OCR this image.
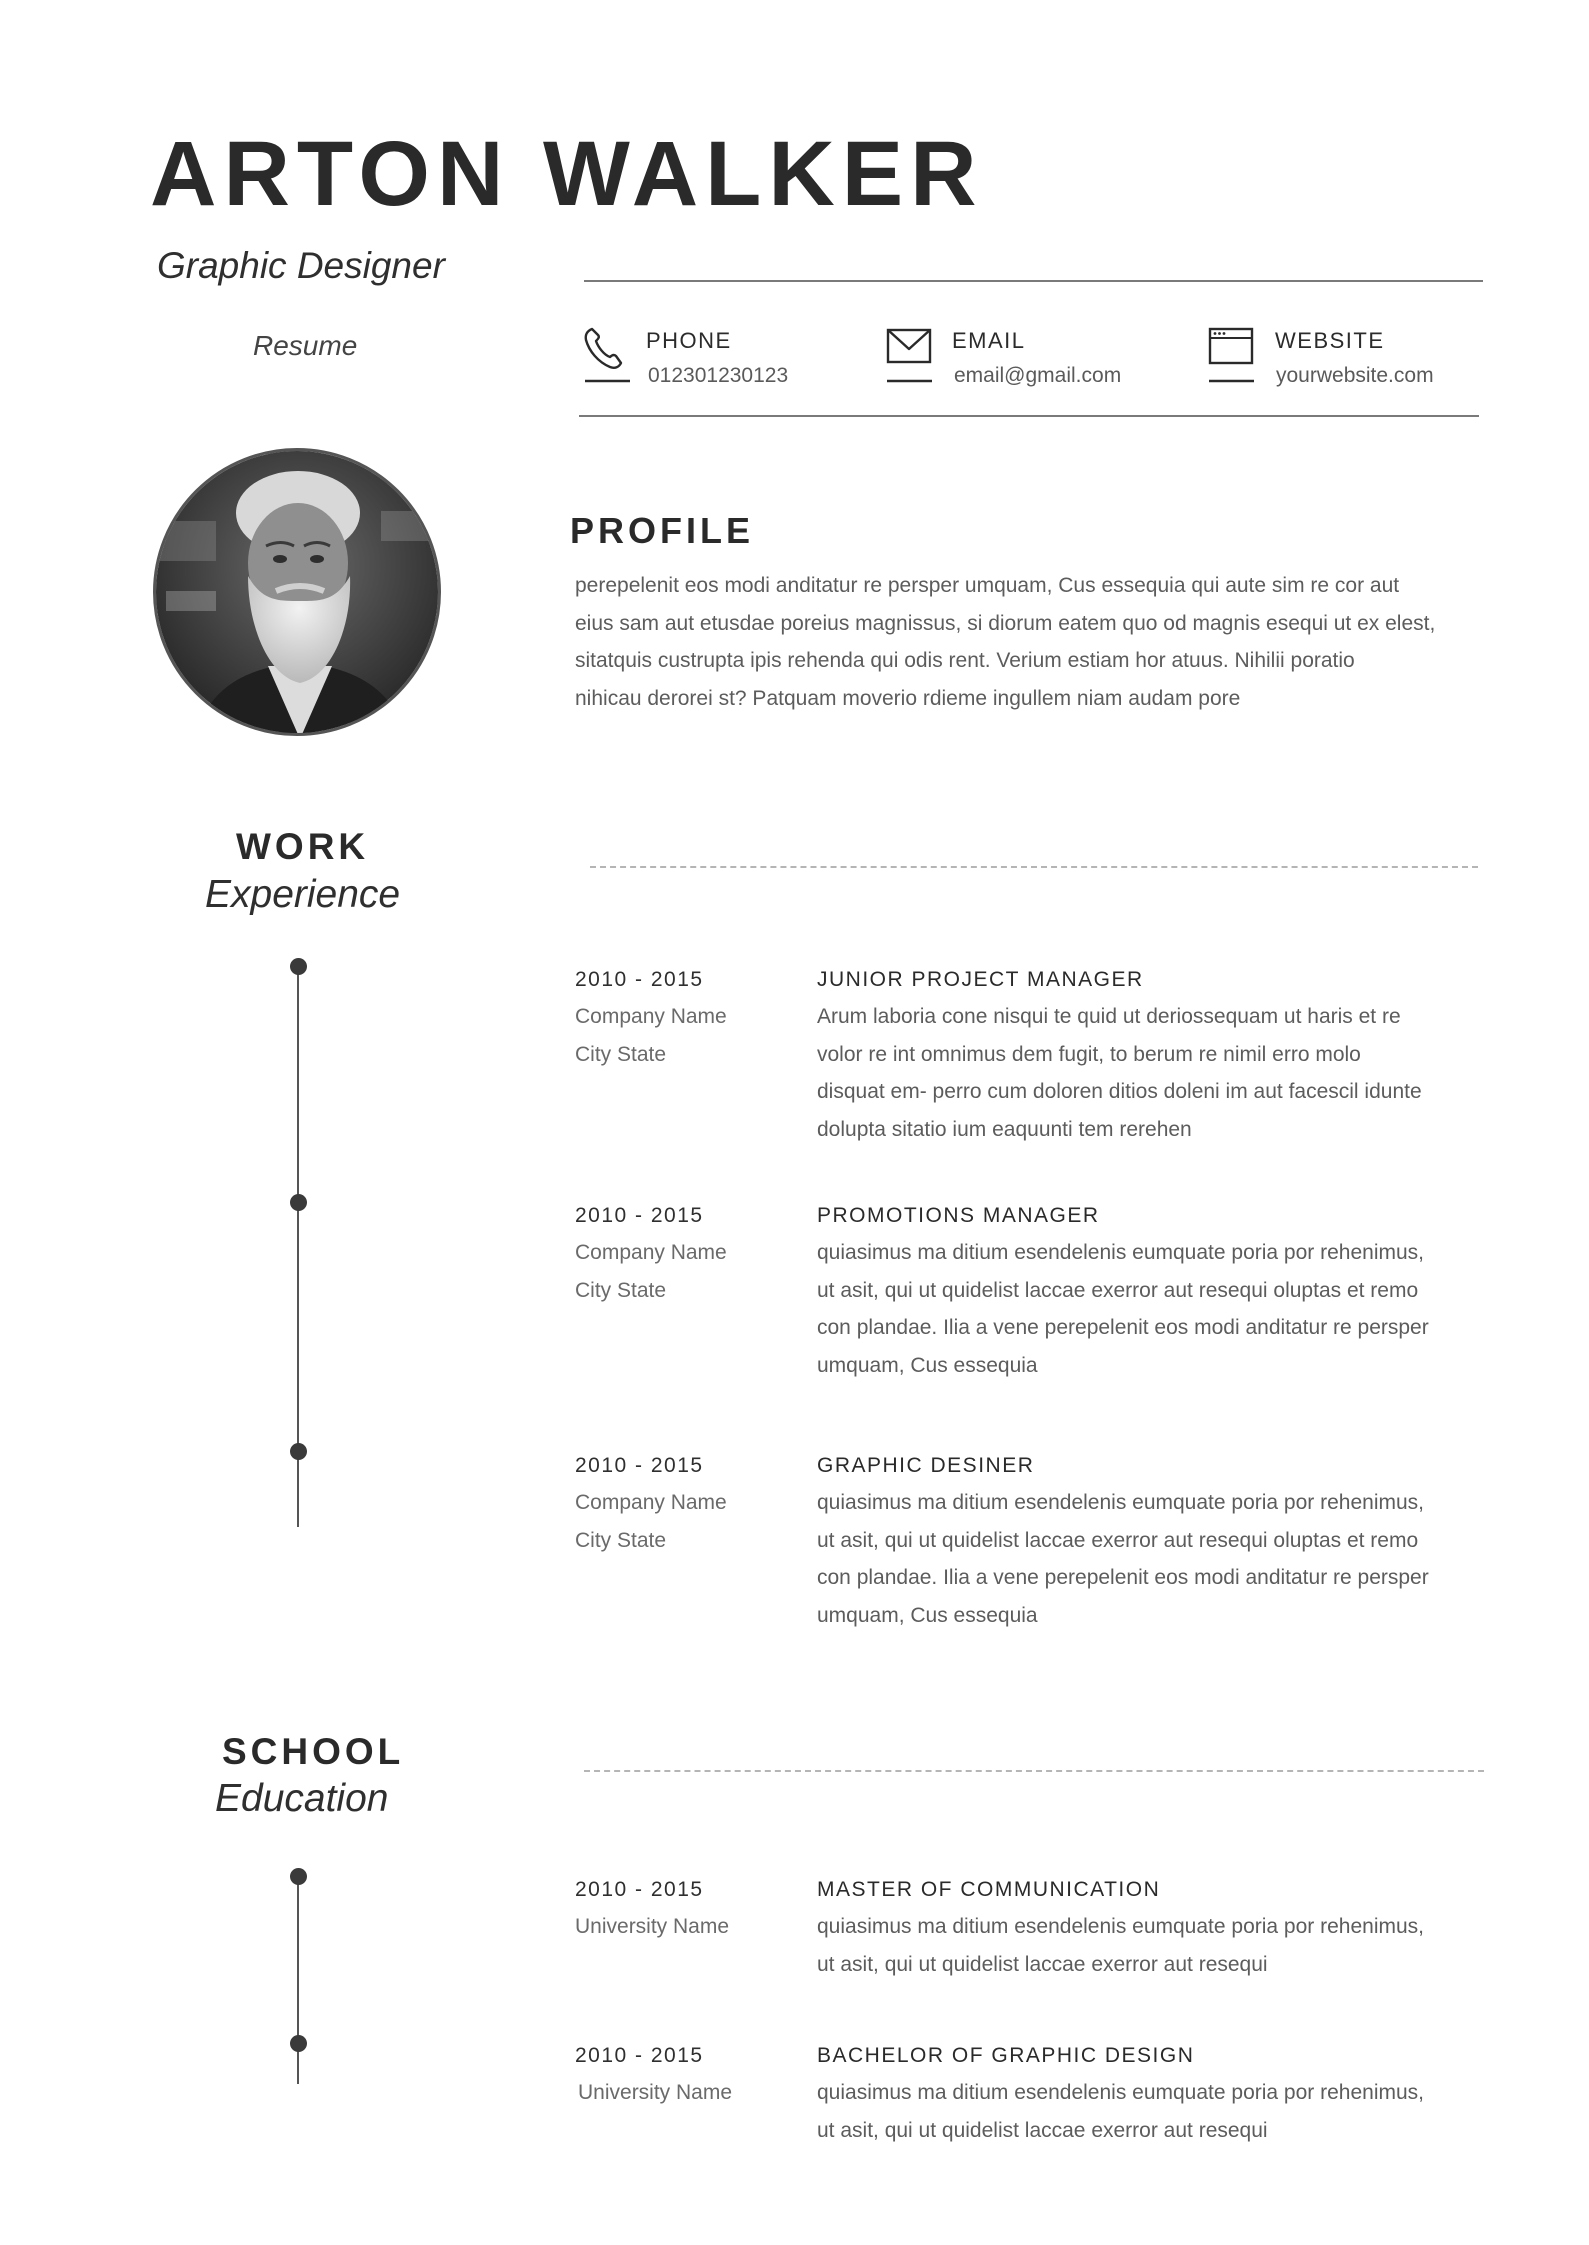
ARTON WALKER
Graphic Designer
Resume	PHONE
012301230123
EMAIL
email@gmail.com
WEBSITE
yourwebsite.com
PROFILE
perepelenit eos modi anditatur re persper umquam, Cus essequia qui aute sim re cor aut
eius sam aut etusdae poreius magnissus, si diorum eatem quo od magnis esequi ut ex elest,
sitatquis custrupta ipis rehenda qui odis rent. Verium estiam hor atuus. Nihilii poratio
nihicau derorei st? Patquam moverio rdieme ingullem niam audam pore
WORK
Experience
2010 - 2015
Company Name
City State
JUNIOR PROJECT MANAGER
Arum laboria cone nisqui te quid ut deriossequam ut haris et re
volor re int omnimus dem fugit, to berum re nimil erro molo
disquat em- perro cum doloren ditios doleni im aut facescil idunte
dolupta sitatio ium eaquunti tem rerehen
2010 - 2015
Company Name
City State
PROMOTIONS MANAGER
quiasimus ma ditium esendelenis eumquate poria por rehenimus,
ut asit, qui ut quidelist laccae exerror aut resequi oluptas et remo
con plandae. Ilia a vene perepelenit eos modi anditatur re persper
umquam, Cus essequia
2010 - 2015
Company Name
City State
GRAPHIC DESINER
quiasimus ma ditium esendelenis eumquate poria por rehenimus,
ut asit, qui ut quidelist laccae exerror aut resequi oluptas et remo
con plandae. Ilia a vene perepelenit eos modi anditatur re persper
umquam, Cus essequia
SCHOOL
Education
2010 - 2015
University Name
MASTER OF COMMUNICATION
quiasimus ma ditium esendelenis eumquate poria por rehenimus,
ut asit, qui ut quidelist laccae exerror aut resequi
2010 - 2015
University Name
BACHELOR OF GRAPHIC DESIGN
quiasimus ma ditium esendelenis eumquate poria por rehenimus,
ut asit, qui ut quidelist laccae exerror aut resequi
